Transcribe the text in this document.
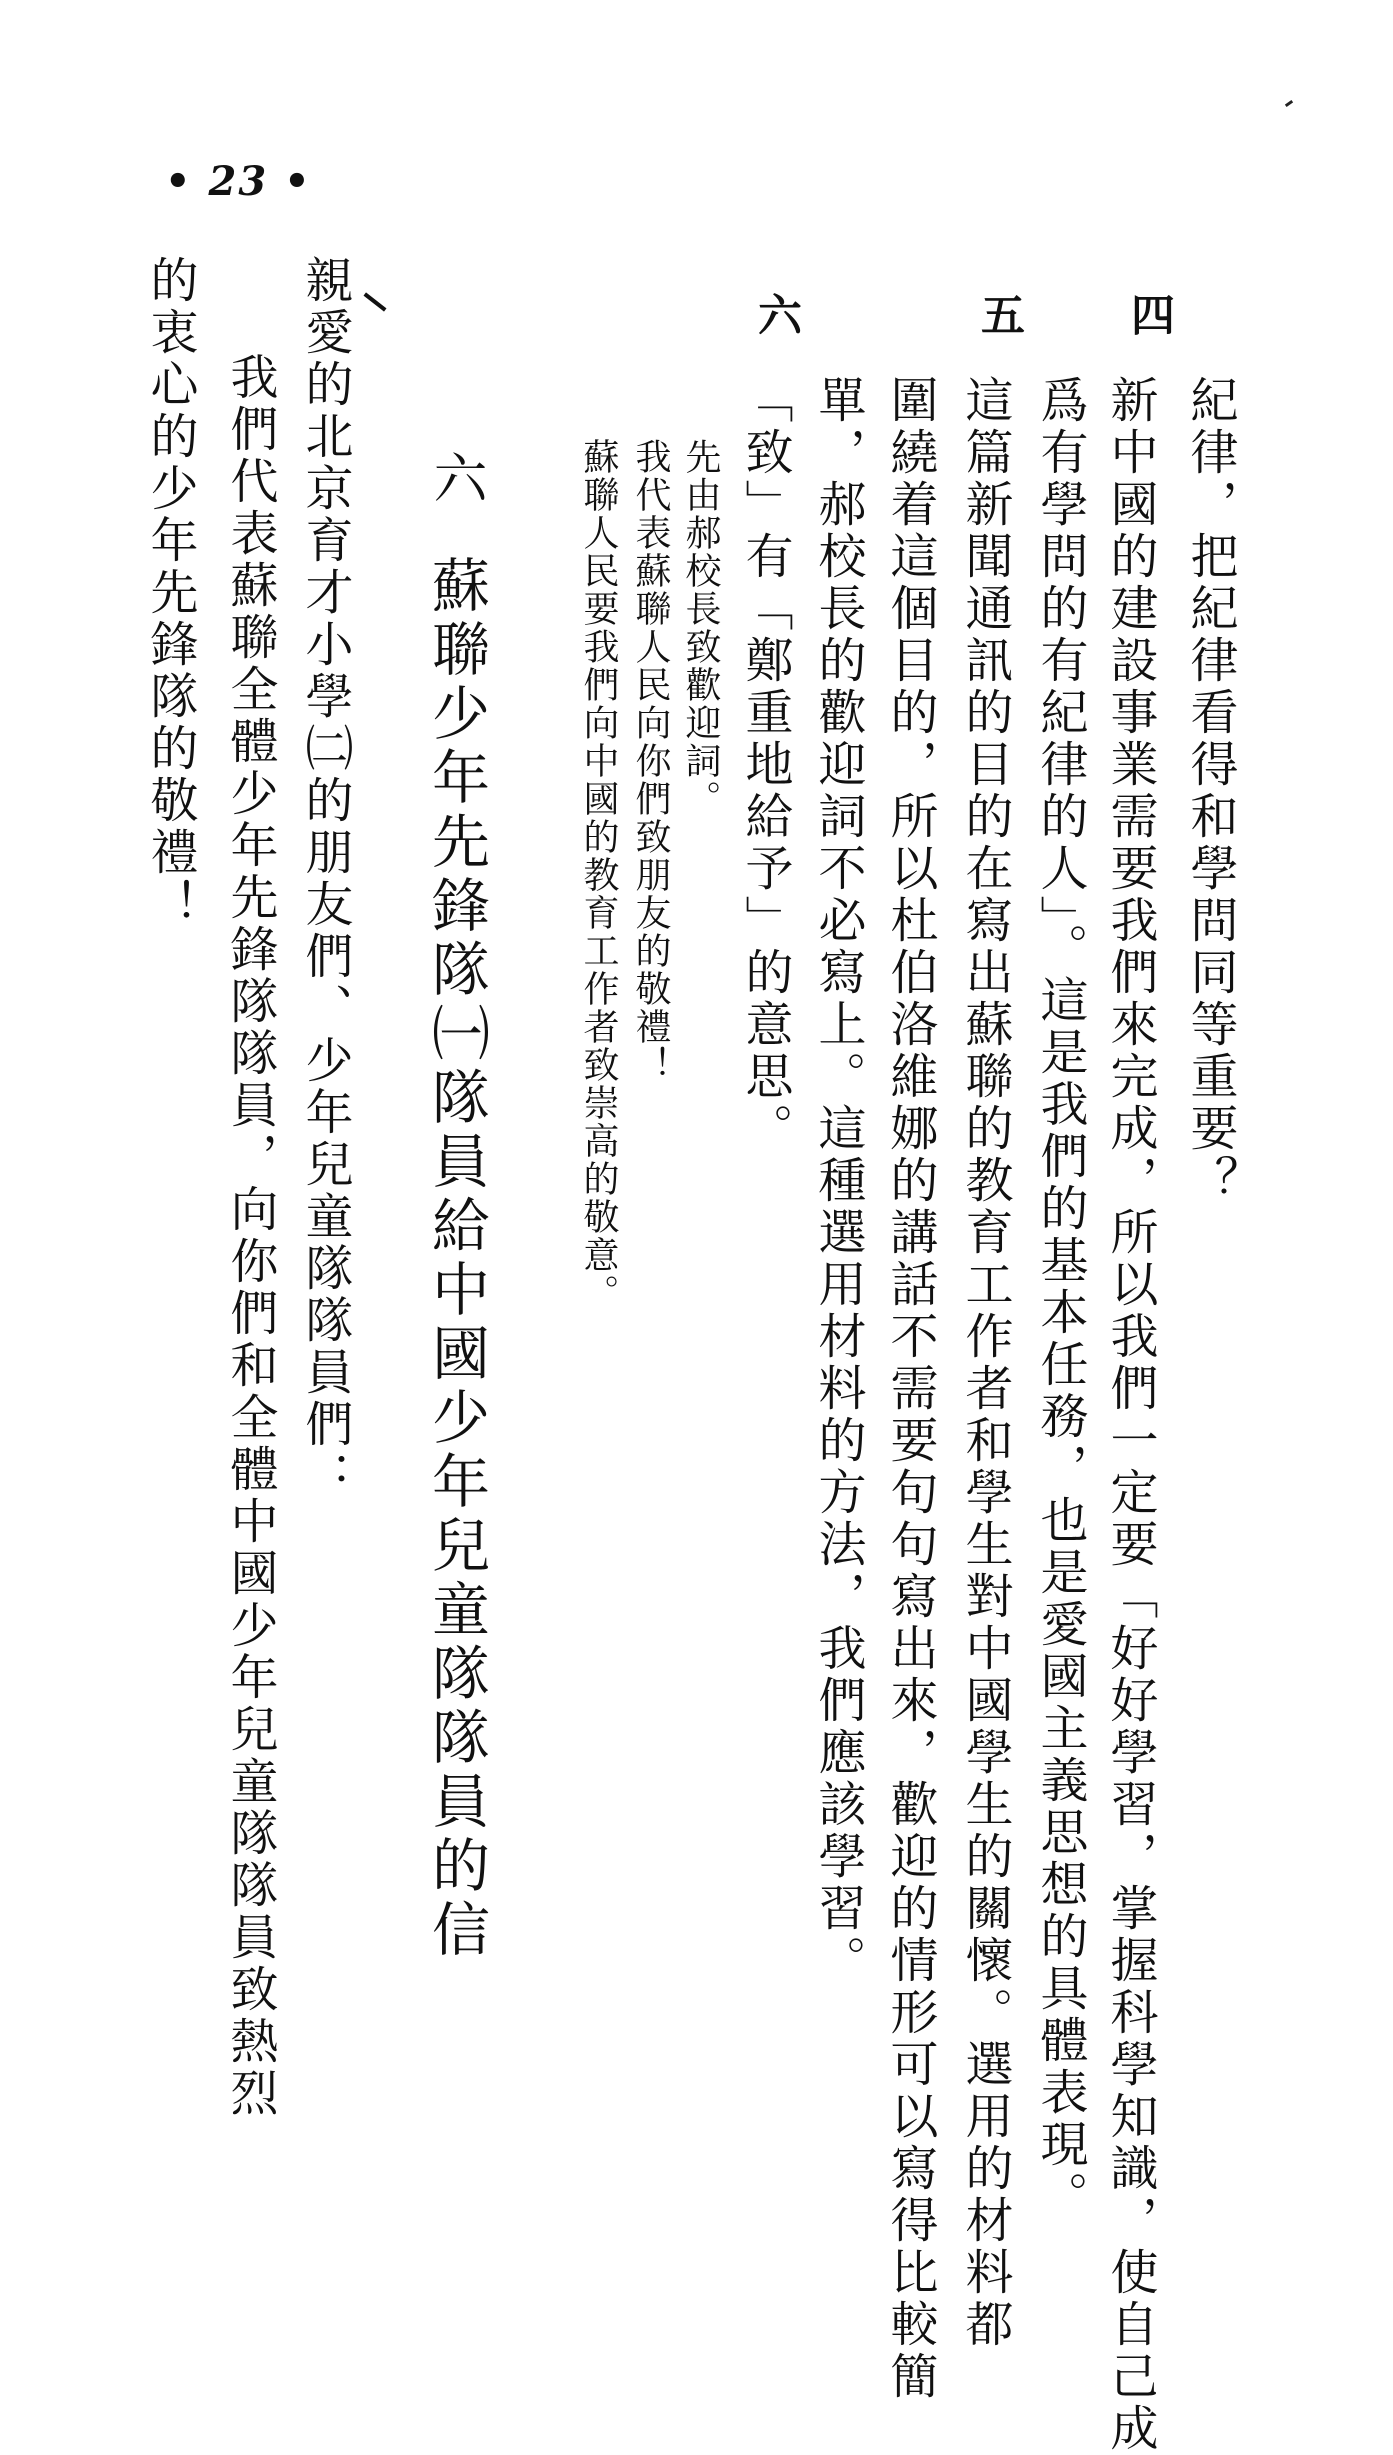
• 23 •
紀律，把紀律看得和學問同等重要？
四
新中國的建設事業需要我們來完成，所以我們一定要「好好學習，掌握科學知識，使自己成
爲有學問的有紀律的人」。這是我們的基本任務，也是愛國主義思想的具體表現。
五
這篇新聞通訊的目的在寫出蘇聯的教育工作者和學生對中國學生的關懷。選用的材料都
圍繞着這個目的，所以杜伯洛維娜的講話不需要句句寫出來，歡迎的情形可以寫得比較簡
單，郝校長的歡迎詞不必寫上。這種選用材料的方法，我們應該學習。
六
「致」有「鄭重地給予」的意思。
先由郝校長致歡迎詞。
我代表蘇聯人民向你們致朋友的敬禮！
蘇聯人民要我們向中國的教育工作者致崇高的敬意。
六
蘇聯少年先鋒隊㈠隊員給中國少年兒童隊隊員的信
親愛的北京育才小學㈡的朋友們、少年兒童隊隊員們：
我們代表蘇聯全體少年先鋒隊隊員，向你們和全體中國少年兒童隊隊員致熱烈
的衷心的少年先鋒隊的敬禮！
